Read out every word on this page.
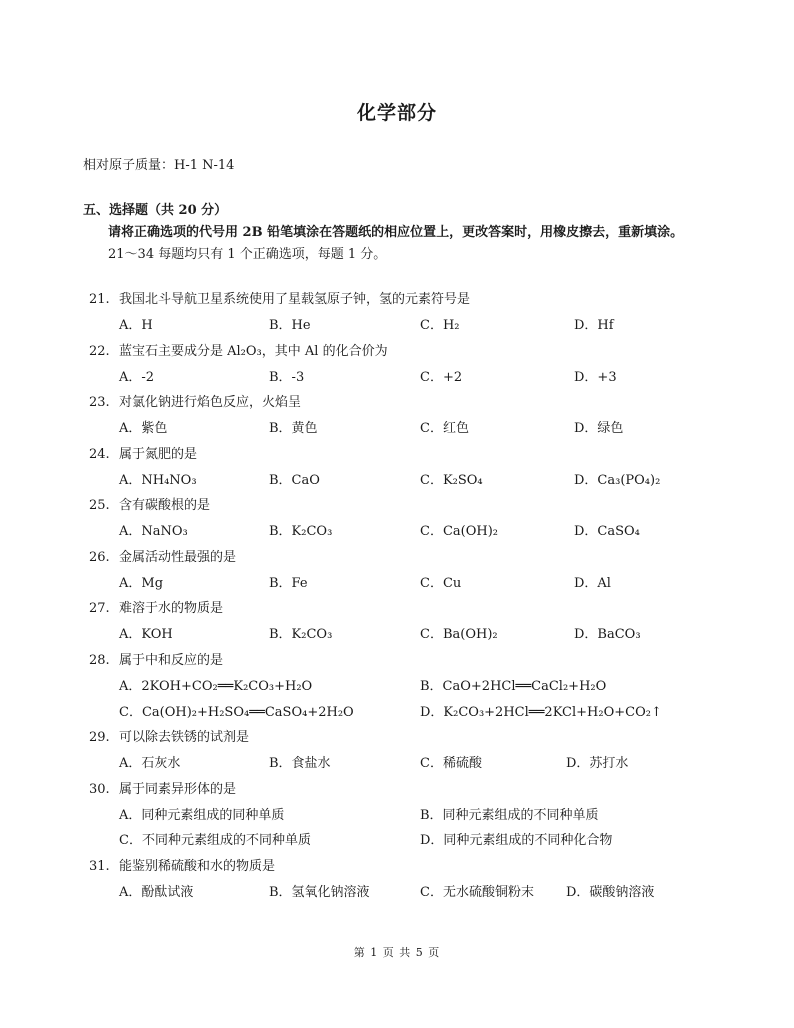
化学部分
相对原子质量：H-1 N-14
五、选择题（共 20 分）
请将正确选项的代号用 2B 铅笔填涂在答题纸的相应位置上，更改答案时，用橡皮擦去，重新填涂。
21～34 每题均只有 1 个正确选项，每题 1 分。
21. 我国北斗导航卫星系统使用了星载氢原子钟，氢的元素符号是
A．H	B．He	C．H₂	D．Hf
22. 蓝宝石主要成分是 Al₂O₃，其中 Al 的化合价为
A．-2	B．-3	C．+2	D．+3
23. 对氯化钠进行焰色反应，火焰呈
A．紫色	B．黄色	C．红色	D．绿色
24. 属于氮肥的是
A．NH₄NO₃	B．CaO	C．K₂SO₄	D．Ca₃(PO₄)₂
25. 含有碳酸根的是
A．NaNO₃	B．K₂CO₃	C．Ca(OH)₂	D．CaSO₄
26. 金属活动性最强的是
A．Mg	B．Fe	C．Cu	D．Al
27. 难溶于水的物质是
A．KOH	B．K₂CO₃	C．Ba(OH)₂	D．BaCO₃
28. 属于中和反应的是
A．2KOH+CO₂══K₂CO₃+H₂O	B．CaO+2HCl══CaCl₂+H₂O
C．Ca(OH)₂+H₂SO₄══CaSO₄+2H₂O	D．K₂CO₃+2HCl══2KCl+H₂O+CO₂↑
29. 可以除去铁锈的试剂是
A．石灰水	B．食盐水	C．稀硫酸	D．苏打水
30. 属于同素异形体的是
A．同种元素组成的同种单质	B．同种元素组成的不同种单质
C．不同种元素组成的不同种单质	D．同种元素组成的不同种化合物
31. 能鉴别稀硫酸和水的物质是
A．酚酞试液	B．氢氧化钠溶液	C．无水硫酸铜粉末 D．碳酸钠溶液
第 1 页 共 5 页
